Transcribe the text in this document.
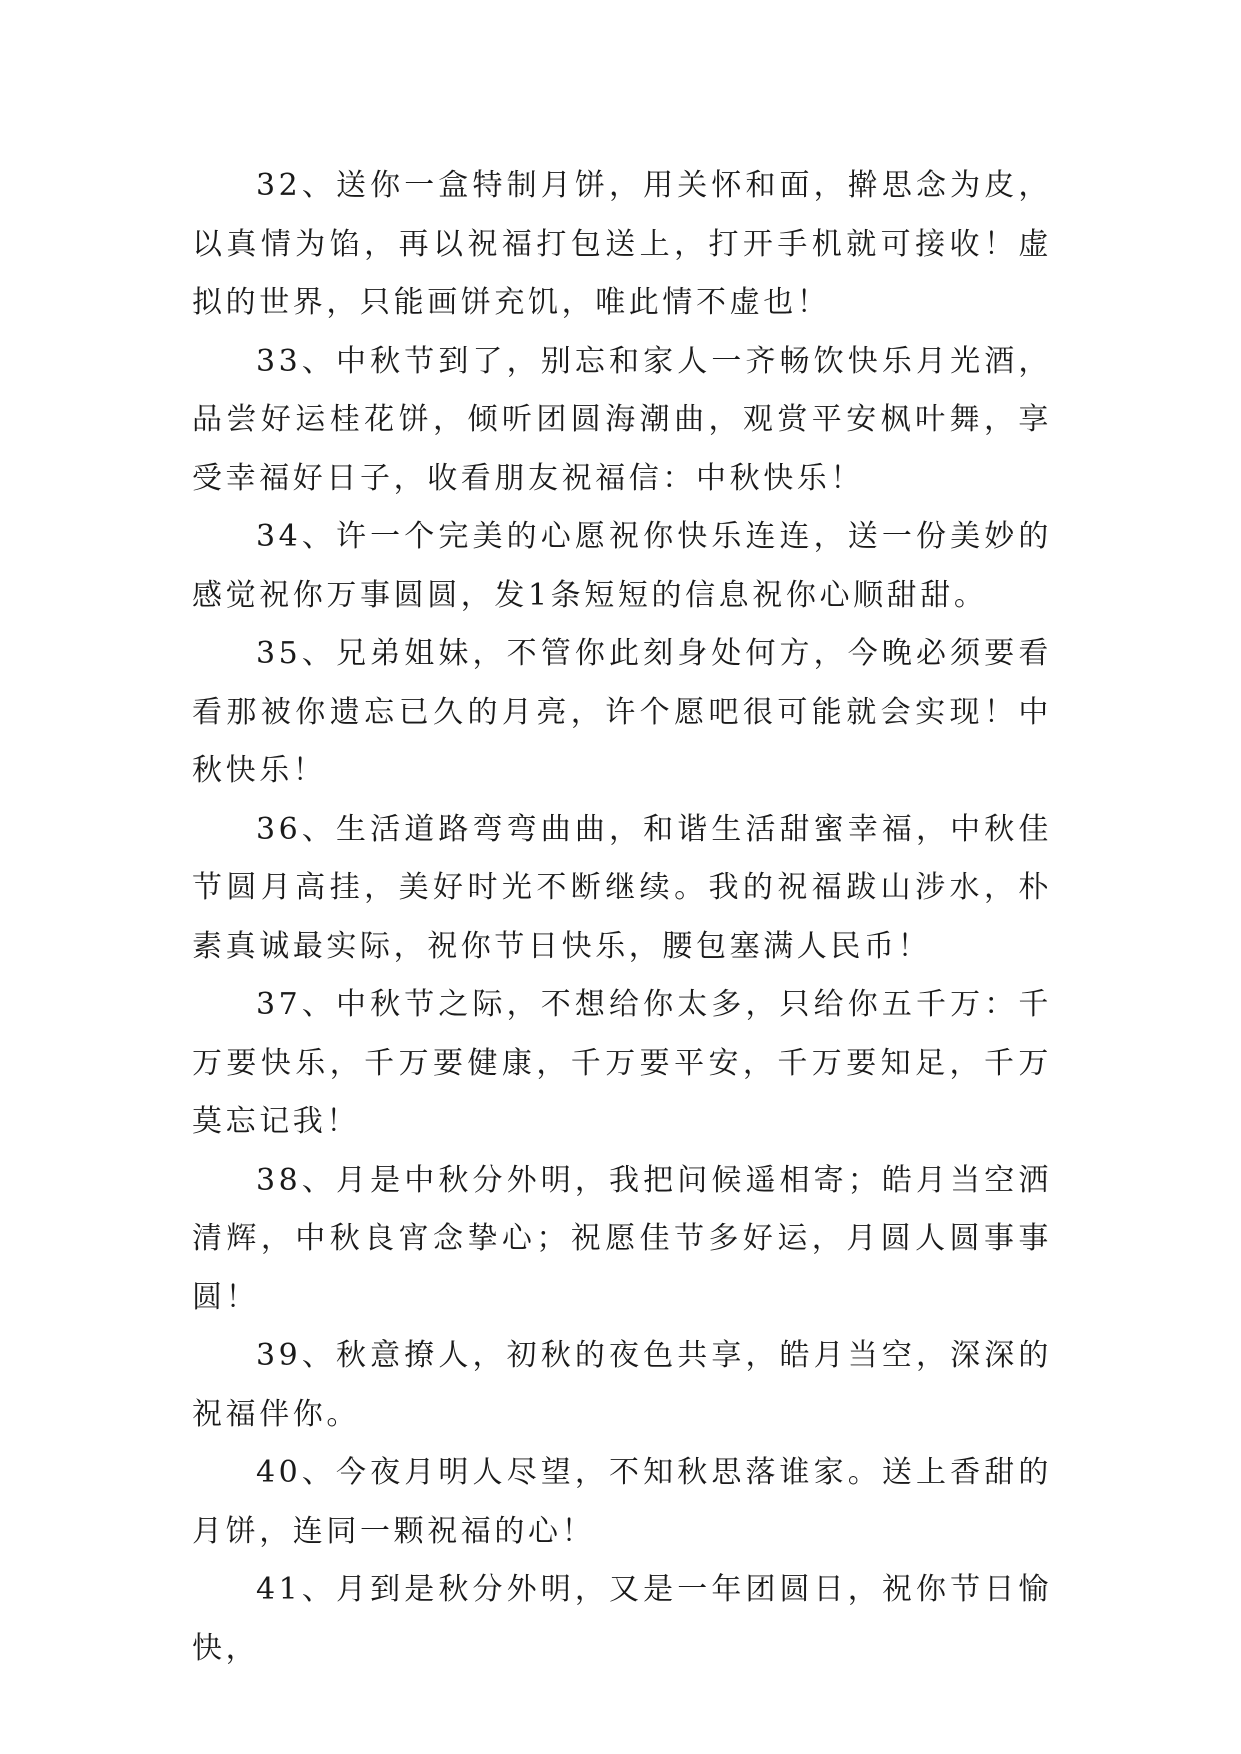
32、送你一盒特制月饼，用关怀和面，擀思念为皮，以真情为馅，再以祝福打包送上，打开手机就可接收！虚拟的世界，只能画饼充饥，唯此情不虚也！

33、中秋节到了，别忘和家人一齐畅饮快乐月光酒，品尝好运桂花饼，倾听团圆海潮曲，观赏平安枫叶舞，享受幸福好日子，收看朋友祝福信：中秋快乐！

34、许一个完美的心愿祝你快乐连连，送一份美妙的感觉祝你万事圆圆，发1条短短的信息祝你心顺甜甜。

35、兄弟姐妹，不管你此刻身处何方，今晚必须要看看那被你遗忘已久的月亮，许个愿吧很可能就会实现！中秋快乐！

36、生活道路弯弯曲曲，和谐生活甜蜜幸福，中秋佳节圆月高挂，美好时光不断继续。我的祝福跋山涉水，朴素真诚最实际，祝你节日快乐，腰包塞满人民币！

37、中秋节之际，不想给你太多，只给你五千万：千万要快乐，千万要健康，千万要平安，千万要知足，千万莫忘记我！

38、月是中秋分外明，我把问候遥相寄；皓月当空洒清辉，中秋良宵念挚心；祝愿佳节多好运，月圆人圆事事圆！

39、秋意撩人，初秋的夜色共享，皓月当空，深深的祝福伴你。

40、今夜月明人尽望，不知秋思落谁家。送上香甜的月饼，连同一颗祝福的心！

41、月到是秋分外明，又是一年团圆日，祝你节日愉快，
